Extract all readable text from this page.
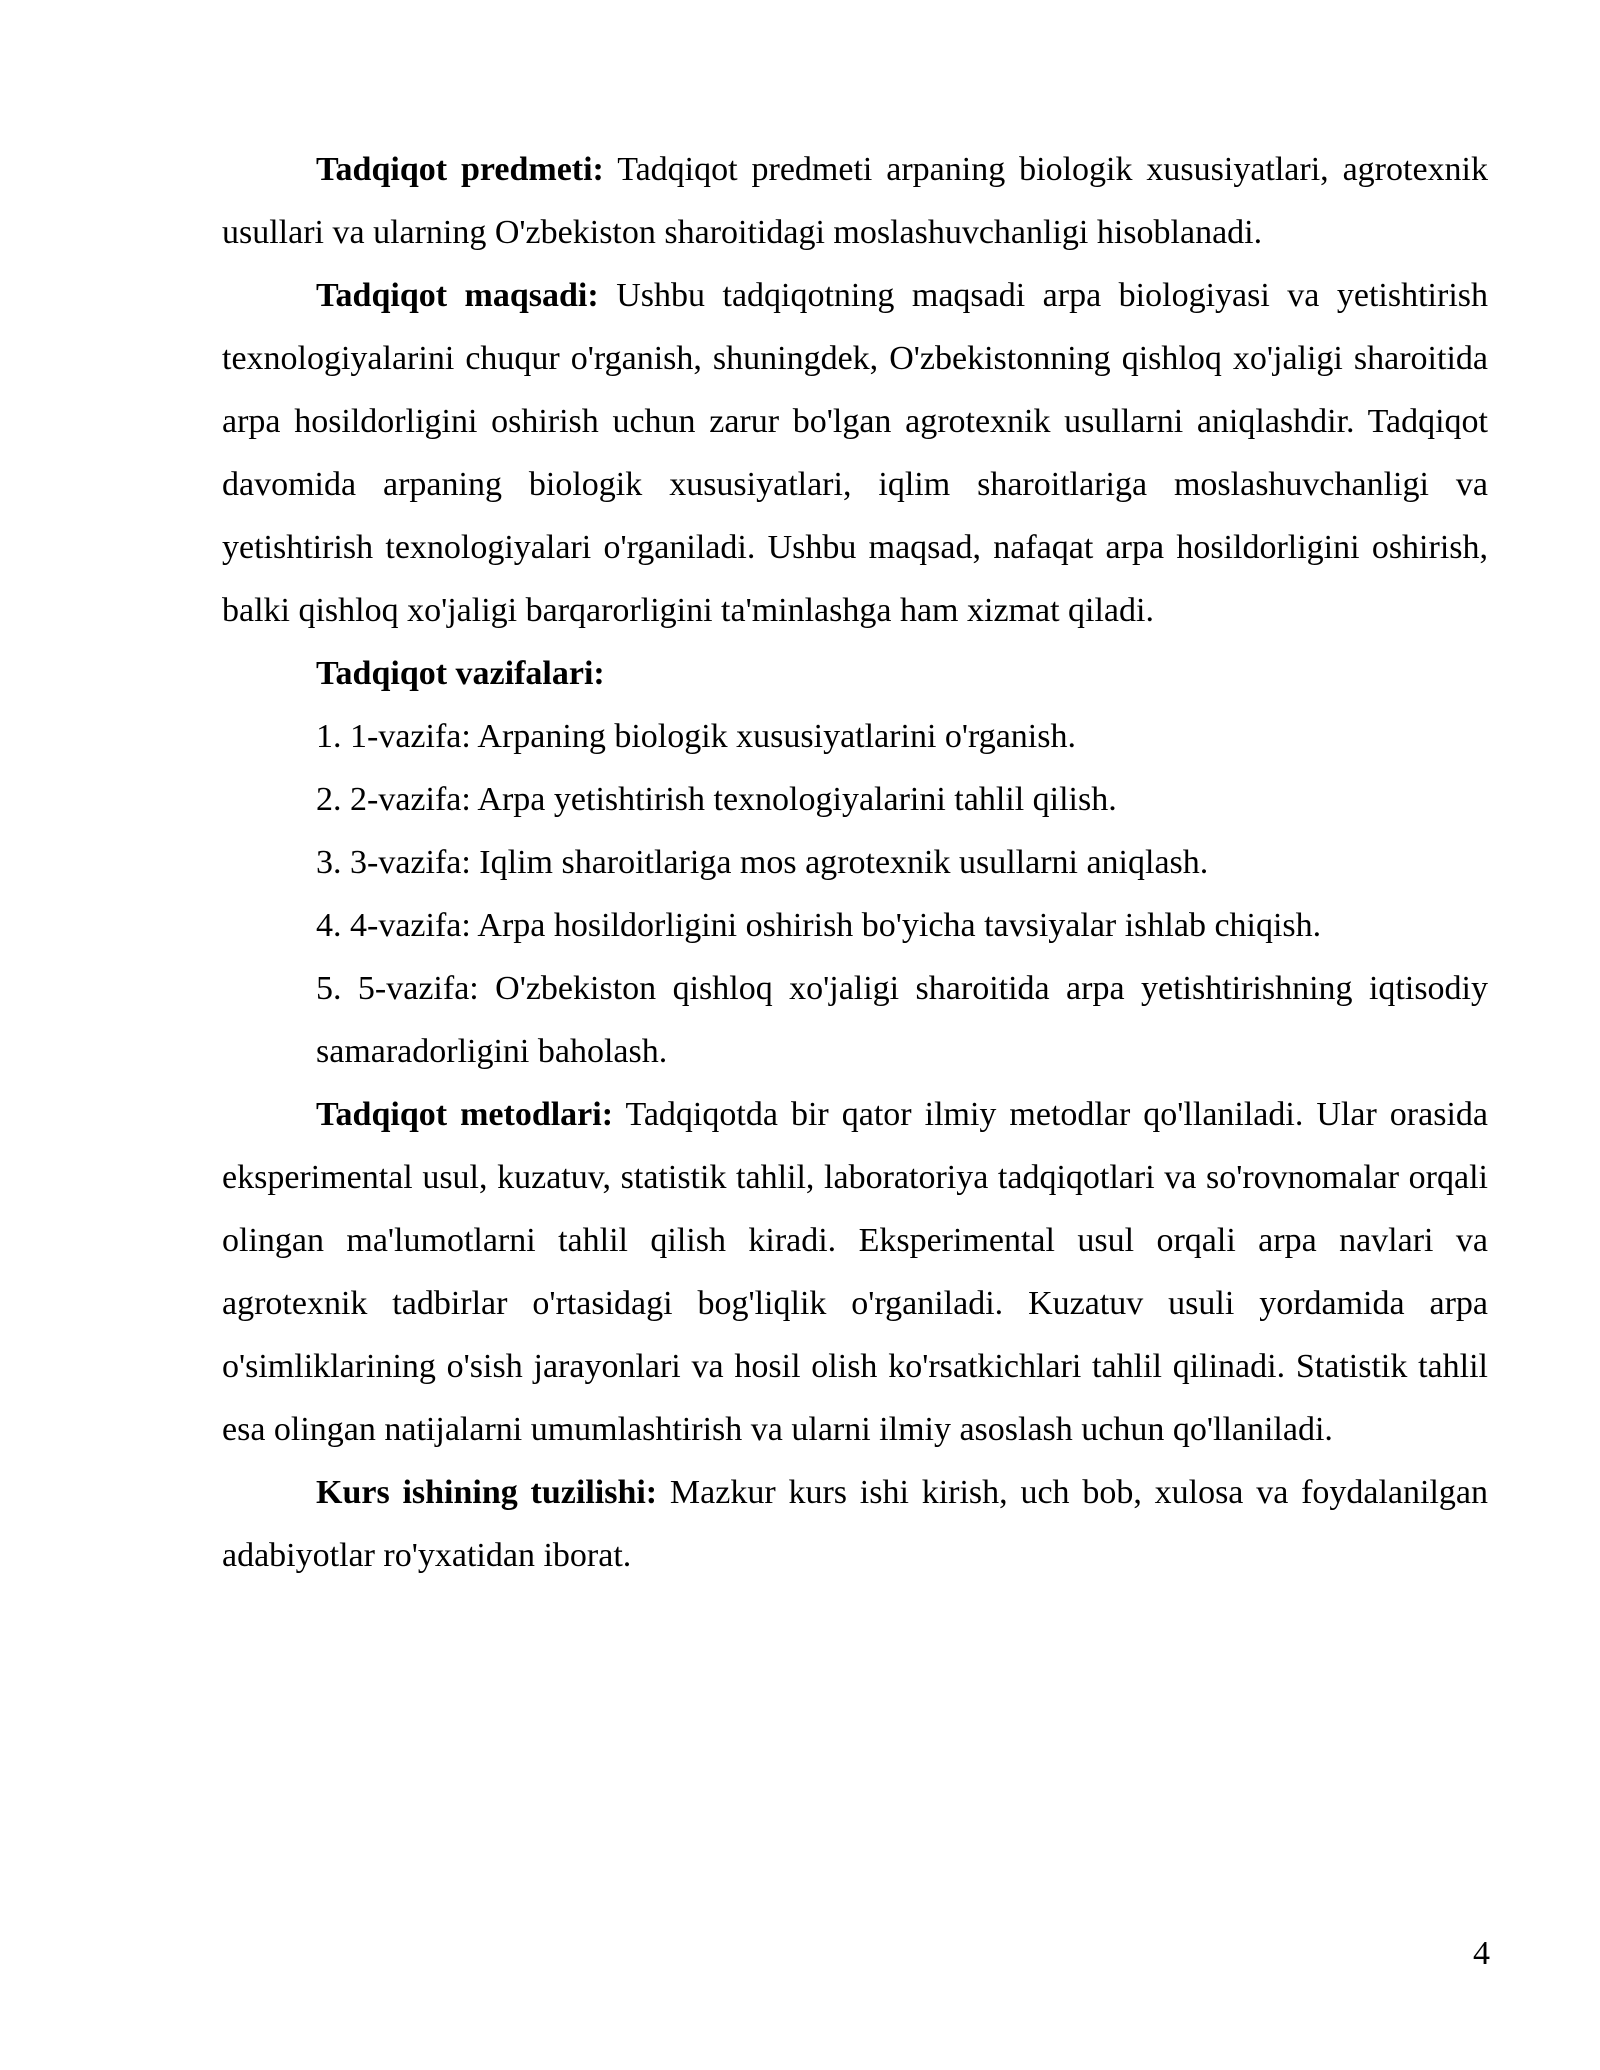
Tadqiqot predmeti: Tadqiqot predmeti arpaning biologik xususiyatlari, agrotexnik usullari va ularning O'zbekiston sharoitidagi moslashuvchanligi hisoblanadi.

Tadqiqot maqsadi: Ushbu tadqiqotning maqsadi arpa biologiyasi va yetishtirish texnologiyalarini chuqur o'rganish, shuningdek, O'zbekistonning qishloq xo'jaligi sharoitida arpa hosildorligini oshirish uchun zarur bo'lgan agrotexnik usullarni aniqlashdir. Tadqiqot davomida arpaning biologik xususiyatlari, iqlim sharoitlariga moslashuvchanligi va yetishtirish texnologiyalari o'rganiladi. Ushbu maqsad, nafaqat arpa hosildorligini oshirish, balki qishloq xo'jaligi barqarorligini ta'minlashga ham xizmat qiladi.

Tadqiqot vazifalari:

1. 1-vazifa: Arpaning biologik xususiyatlarini o'rganish.

2. 2-vazifa: Arpa yetishtirish texnologiyalarini tahlil qilish.

3. 3-vazifa: Iqlim sharoitlariga mos agrotexnik usullarni aniqlash.

4. 4-vazifa: Arpa hosildorligini oshirish bo'yicha tavsiyalar ishlab chiqish.

5. 5-vazifa: O'zbekiston qishloq xo'jaligi sharoitida arpa yetishtirishning iqtisodiy samaradorligini baholash.

Tadqiqot metodlari: Tadqiqotda bir qator ilmiy metodlar qo'llaniladi. Ular orasida eksperimental usul, kuzatuv, statistik tahlil, laboratoriya tadqiqotlari va so'rovnomalar orqali olingan ma'lumotlarni tahlil qilish kiradi. Eksperimental usul orqali arpa navlari va agrotexnik tadbirlar o'rtasidagi bog'liqlik o'rganiladi. Kuzatuv usuli yordamida arpa o'simliklarining o'sish jarayonlari va hosil olish ko'rsatkichlari tahlil qilinadi. Statistik tahlil esa olingan natijalarni umumlashtirish va ularni ilmiy asoslash uchun qo'llaniladi.

Kurs ishining tuzilishi: Mazkur kurs ishi kirish, uch bob, xulosa va foydalanilgan adabiyotlar ro'yxatidan iborat.

4
